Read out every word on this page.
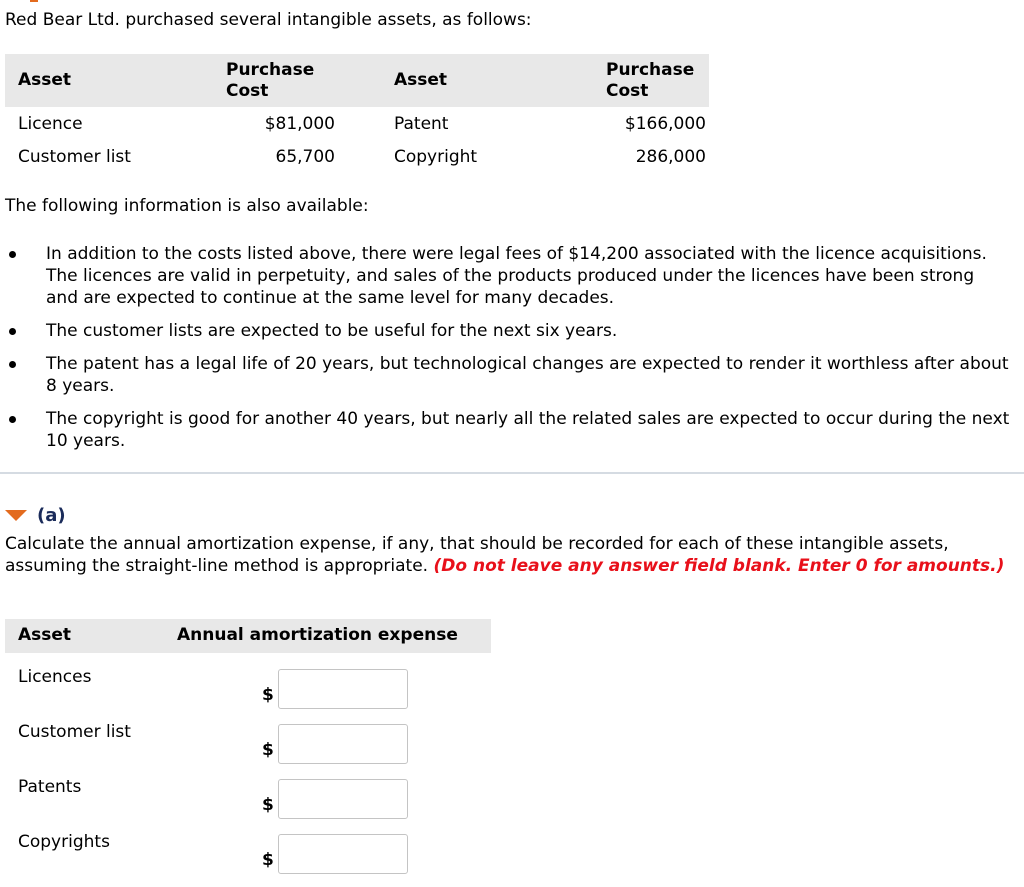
Red Bear Ltd. purchased several intangible assets, as follows:
Asset	Purchase Cost	Asset	Purchase Cost
Licence	$81,000	Patent	$166,000
Customer list	65,700	Copyright	286,000
The following information is also available:
In addition to the costs listed above, there were legal fees of $14,200 associated with the licence acquisitions. The licences are valid in perpetuity, and sales of the products produced under the licences have been strong and are expected to continue at the same level for many decades.
The customer lists are expected to be useful for the next six years.
The patent has a legal life of 20 years, but technological changes are expected to render it worthless after about 8 years.
The copyright is good for another 40 years, but nearly all the related sales are expected to occur during the next 10 years.
(a)
Calculate the annual amortization expense, if any, that should be recorded for each of these intangible assets, assuming the straight-line method is appropriate. (Do not leave any answer field blank. Enter 0 for amounts.)
Asset	Annual amortization expense
Licences
$
Customer list
$
Patents
$
Copyrights
$
